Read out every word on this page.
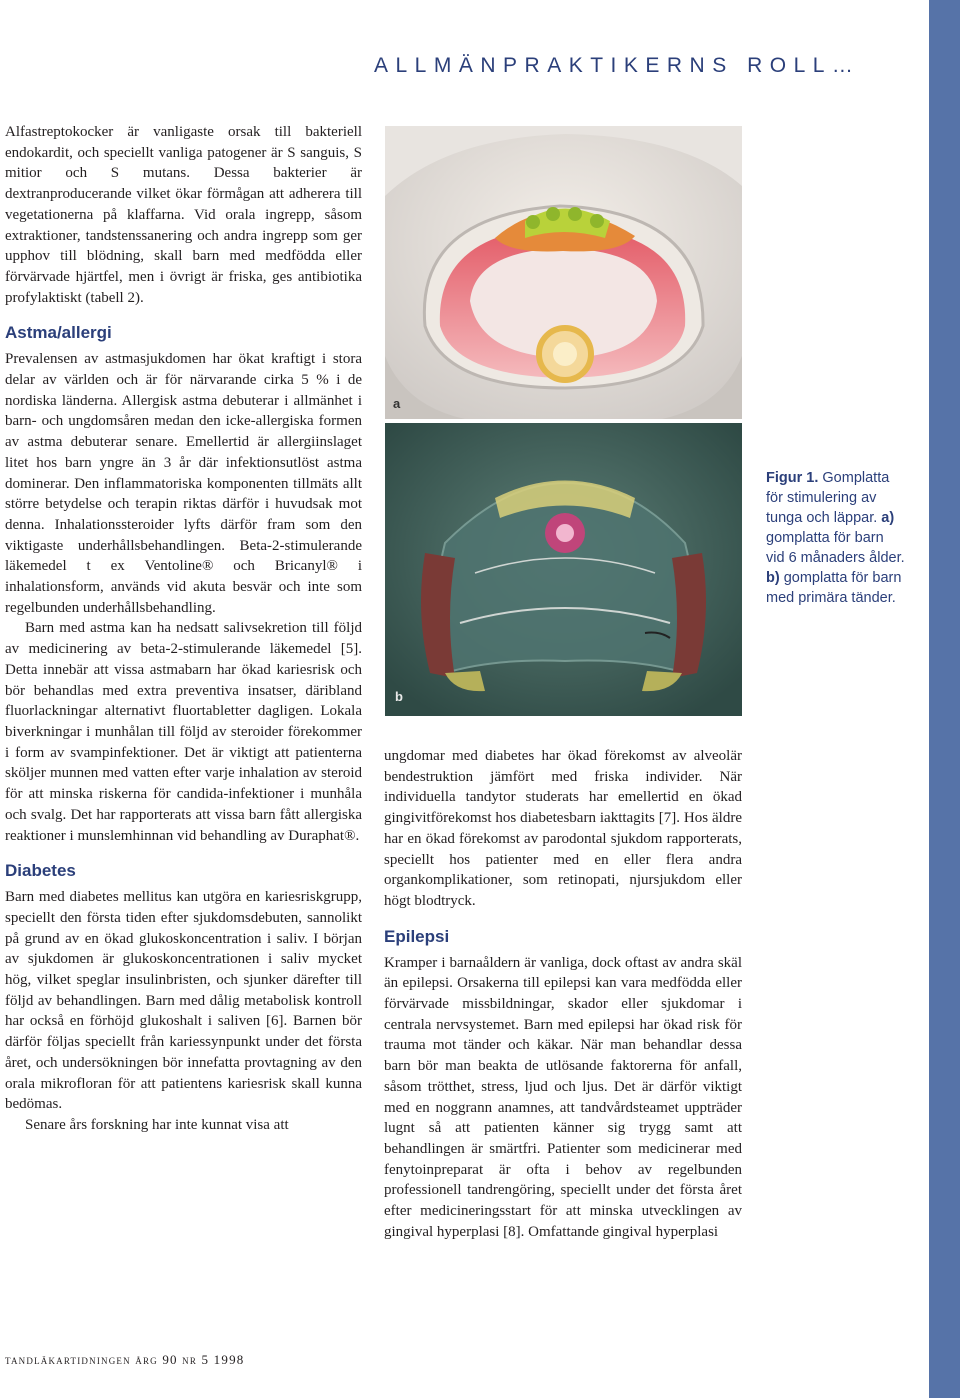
ALLMÄNPRAKTIKERNS ROLL…

Alfastreptokocker är vanligaste orsak till bakteriell endokardit, och speciellt vanliga patogener är S sanguis, S mitior och S mutans. Dessa bakterier är dextranproducerande vilket ökar förmågan att adherera till vegetationerna på klaffarna. Vid orala ingrepp, såsom extraktioner, tandstenssanering och andra ingrepp som ger upphov till blödning, skall barn med medfödda eller förvärvade hjärtfel, men i övrigt är friska, ges antibiotika profylaktiskt (tabell 2).

Astma/allergi

Prevalensen av astmasjukdomen har ökat kraftigt i stora delar av världen och är för närvarande cirka 5 % i de nordiska länderna. Allergisk astma debuterar i allmänhet i barn- och ungdomsåren medan den icke-allergiska formen av astma debuterar senare. Emellertid är allergiinslaget litet hos barn yngre än 3 år där infektionsutlöst astma dominerar. Den inflammatoriska komponenten tillmäts allt större betydelse och terapin riktas därför i huvudsak mot denna. Inhalationssteroider lyfts därför fram som den viktigaste underhållsbehandlingen. Beta-2-stimulerande läkemedel t ex Ventoline® och Bricanyl® i inhalationsform, används vid akuta besvär och inte som regelbunden underhållsbehandling.

Barn med astma kan ha nedsatt salivsekretion till följd av medicinering av beta-2-stimulerande läkemedel [5]. Detta innebär att vissa astmabarn har ökad kariesrisk och bör behandlas med extra preventiva insatser, däribland fluorlackningar alternativt fluortabletter dagligen. Lokala biverkningar i munhålan till följd av steroider förekommer i form av svampinfektioner. Det är viktigt att patienterna sköljer munnen med vatten efter varje inhalation av steroid för att minska riskerna för candida-infektioner i munhåla och svalg. Det har rapporterats att vissa barn fått allergiska reaktioner i munslemhinnan vid behandling av Duraphat®.

Diabetes

Barn med diabetes mellitus kan utgöra en kariesriskgrupp, speciellt den första tiden efter sjukdomsdebuten, sannolikt på grund av en ökad glukoskoncentration i saliv. I början av sjukdomen är glukoskoncentrationen i saliv mycket hög, vilket speglar insulinbristen, och sjunker därefter till följd av behandlingen. Barn med dålig metabolisk kontroll har också en förhöjd glukoshalt i saliven [6]. Barnen bör därför följas speciellt från kariessynpunkt under det första året, och undersökningen bör innefatta provtagning av den orala mikrofloran för att patientens kariesrisk skall kunna bedömas.

Senare års forskning har inte kunnat visa att

a
b
Figur 1. Gomplatta för stimulering av tunga och läppar. a) gomplatta för barn vid 6 månaders ålder. b) gomplatta för barn med primära tänder.

ungdomar med diabetes har ökad förekomst av alveolär bendestruktion jämfört med friska individer. När individuella tandytor studerats har emellertid en ökad gingivitförekomst hos diabetesbarn iakttagits [7]. Hos äldre har en ökad förekomst av parodontal sjukdom rapporterats, speciellt hos patienter med en eller flera andra organkomplikationer, som retinopati, njursjukdom eller högt blodtryck.

Epilepsi

Kramper i barnaåldern är vanliga, dock oftast av andra skäl än epilepsi. Orsakerna till epilepsi kan vara medfödda eller förvärvade missbildningar, skador eller sjukdomar i centrala nervsystemet. Barn med epilepsi har ökad risk för trauma mot tänder och käkar. När man behandlar dessa barn bör man beakta de utlösande faktorerna för anfall, såsom trötthet, stress, ljud och ljus. Det är därför viktigt med en noggrann anamnes, att tandvårdsteamet uppträder lugnt så att patienten känner sig trygg samt att behandlingen är smärtfri. Patienter som medicinerar med fenytoinpreparat är ofta i behov av regelbunden professionell tandrengöring, speciellt under det första året efter medicineringsstart för att minska utvecklingen av gingival hyperplasi [8]. Omfattande gingival hyperplasi

tandläkartidningen årg 90 nr 5 1998
